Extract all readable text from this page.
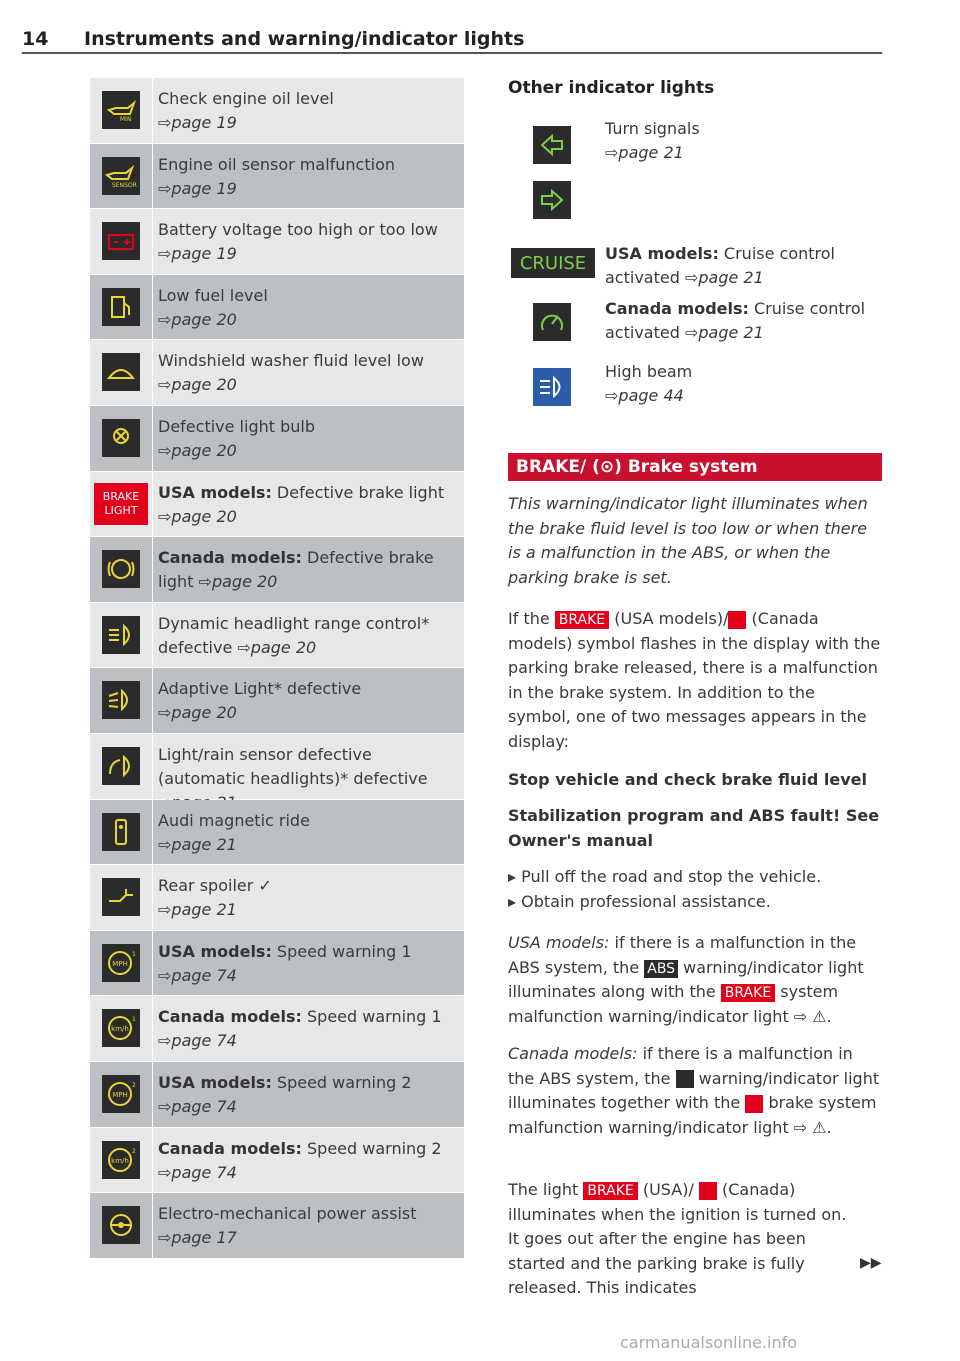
14 Instruments and warning/indicator lights
MIN
Check engine oil level
⇨page 19
SENSOR
Engine oil sensor malfunction
⇨page 19
Battery voltage too high or too low
⇨page 19
Low fuel level
⇨page 20
Windshield washer fluid level low
⇨page 20
Defective light bulb
⇨page 20
BRAKE
LIGHT
USA models: Defective brake light
⇨page 20
Canada models: Defective brake light ⇨page 20
Dynamic headlight range control* defective ⇨page 20
Adaptive Light* defective
⇨page 20
Light/rain sensor defective (automatic headlights)* defective
Audi magnetic ride
⇨page 21
Rear spoiler ✓
⇨page 21
MPH
1 USA models: Speed warning 1
⇨page 74
km/h
1 Canada models: Speed warning 1
⇨page 74
MPH
2 USA models: Speed warning 2
⇨page 74
km/h
2 Canada models: Speed warning 2
⇨page 74
Electro-mechanical power assist
⇨page 17
Other indicator lights
Turn signals
⇨page 21
CRUISE	USA models: Cruise control activated ⇨page 21
Canada models: Cruise control activated ⇨page 21
High beam
⇨page 44
BRAKE/ (⊙) Brake system
This warning/indicator light illuminates when the brake fluid level is too low or when there is a malfunction in the ABS, or when the parking brake is set.
If the BRAKE (USA models)/ (Canada models) symbol flashes in the display with the parking brake released, there is a malfunction in the brake system. In addition to the symbol, one of two messages appears in the display:
Stop vehicle and check brake fluid level
Stabilization program and ABS fault! See Owner's manual
▸ Pull off the road and stop the vehicle.
▸ Obtain professional assistance.
USA models: if there is a malfunction in the ABS system, the ABS warning/indicator light illuminates along with the BRAKE system malfunction warning/indicator light ⇨ ⚠.
Canada models: if there is a malfunction in the ABS system, the  warning/indicator light illuminates together with the  brake system malfunction warning/indicator light ⇨ ⚠.
The light BRAKE (USA)/  (Canada) illuminates when the ignition is turned on. It goes out after the engine has been started and the parking brake is fully released. This indicates
▶▶
carmanualsonline.info
